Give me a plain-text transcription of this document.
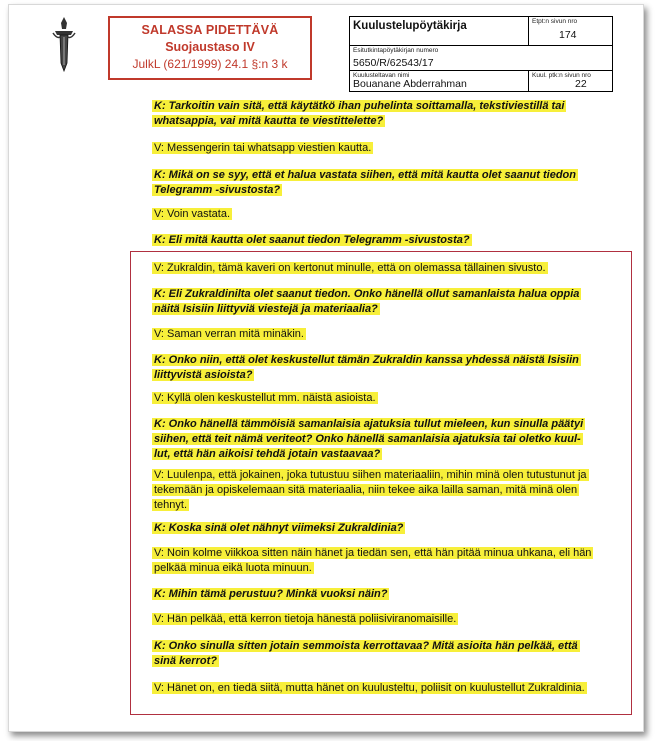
SALASSA PIDETTÄVÄ
Suojaustaso IV
JulkL (621/1999) 24.1 §:n 3 k
Kuulustelupöytäkirja	Etpt:n sivun nro
174
Esitutkintapöytäkirjan numero
5650/R/62543/17
Kuulusteltavan nimi
Bouanane Abderrahman
Kuul. ptk:n sivun nro
22
K: Tarkoitin vain sitä, että käytätkö ihan puhelinta soittamalla, tekstiviestillä tai
whatsappia, vai mitä kautta te viestittelette?
V: Messengerin tai whatsapp viestien kautta.
K: Mikä on se syy, että et halua vastata siihen, että mitä kautta olet saanut tiedon
Telegramm -sivustosta?
V: Voin vastata.
K: Eli mitä kautta olet saanut tiedon Telegramm -sivustosta?
V: Zukraldin, tämä kaveri on kertonut minulle, että on olemassa tällainen sivusto.
K: Eli Zukraldinilta olet saanut tiedon. Onko hänellä ollut samanlaista halua oppia
näitä Isisiin liittyviä viestejä ja materiaalia?
V: Saman verran mitä minäkin.
K: Onko niin, että olet keskustellut tämän Zukraldin kanssa yhdessä näistä Isisiin
liittyvistä asioista?
V: Kyllä olen keskustellut mm. näistä asioista.
K: Onko hänellä tämmöisiä samanlaisia ajatuksia tullut mieleen, kun sinulla päätyi
siihen, että teit nämä veriteot? Onko hänellä samanlaisia ajatuksia tai oletko kuul-
lut, että hän aikoisi tehdä jotain vastaavaa?
V: Luulenpa, että jokainen, joka tutustuu siihen materiaaliin, mihin minä olen tutustunut ja
tekemään ja opiskelemaan sitä materiaalia, niin tekee aika lailla saman, mitä minä olen
tehnyt.
K: Koska sinä olet nähnyt viimeksi Zukraldinia?
V: Noin kolme viikkoa sitten näin hänet ja tiedän sen, että hän pitää minua uhkana, eli hän
pelkää minua eikä luota minuun.
K: Mihin tämä perustuu? Minkä vuoksi näin?
V: Hän pelkää, että kerron tietoja hänestä poliisiviranomaisille.
K: Onko sinulla sitten jotain semmoista kerrottavaa? Mitä asioita hän pelkää, että
sinä kerrot?
V: Hänet on, en tiedä siitä, mutta hänet on kuulusteltu, poliisit on kuulustellut Zukraldinia.
